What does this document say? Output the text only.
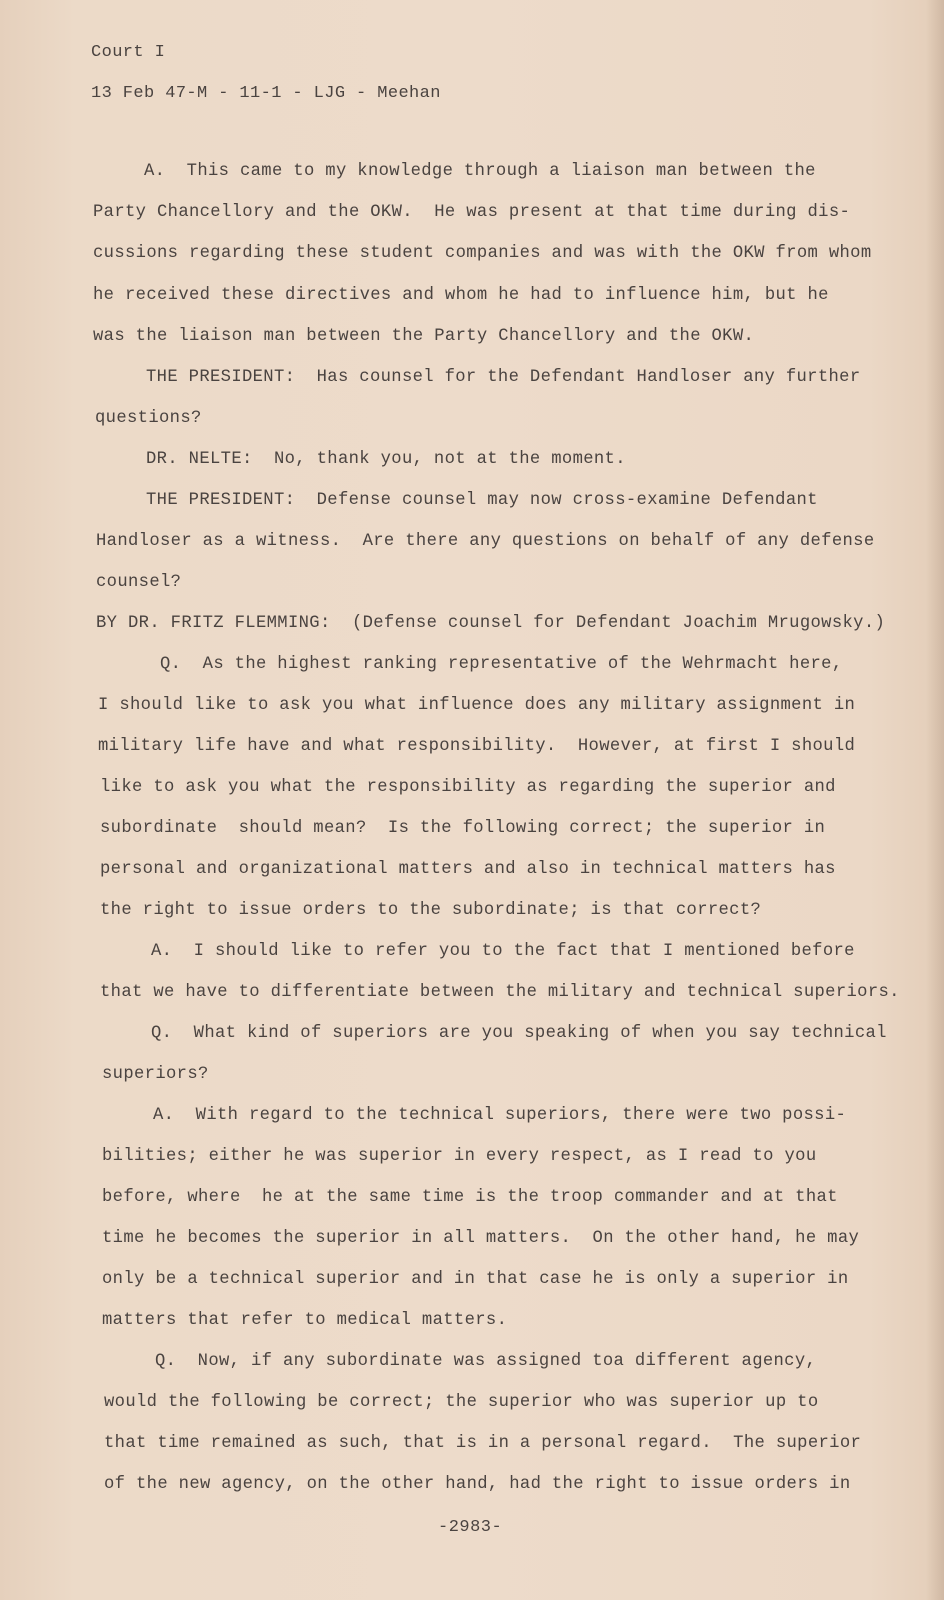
Court I
13 Feb 47-M - 11-1 - LJG - Meehan
A.  This came to my knowledge through a liaison man between the
Party Chancellory and the OKW.  He was present at that time during dis-
cussions regarding these student companies and was with the OKW from whom
he received these directives and whom he had to influence him, but he
was the liaison man between the Party Chancellory and the OKW.
THE PRESIDENT:  Has counsel for the Defendant Handloser any further
questions?
DR. NELTE:  No, thank you, not at the moment.
THE PRESIDENT:  Defense counsel may now cross-examine Defendant
Handloser as a witness.  Are there any questions on behalf of any defense
counsel?
BY DR. FRITZ FLEMMING:  (Defense counsel for Defendant Joachim Mrugowsky.)
Q.  As the highest ranking representative of the Wehrmacht here,
I should like to ask you what influence does any military assignment in
military life have and what responsibility.  However, at first I should
like to ask you what the responsibility as regarding the superior and
subordinate  should mean?  Is the following correct; the superior in
personal and organizational matters and also in technical matters has
the right to issue orders to the subordinate; is that correct?
A.  I should like to refer you to the fact that I mentioned before
that we have to differentiate between the military and technical superiors.
Q.  What kind of superiors are you speaking of when you say technical
superiors?
A.  With regard to the technical superiors, there were two possi-
bilities; either he was superior in every respect, as I read to you
before, where  he at the same time is the troop commander and at that
time he becomes the superior in all matters.  On the other hand, he may
only be a technical superior and in that case he is only a superior in
matters that refer to medical matters.
Q.  Now, if any subordinate was assigned toa different agency,
would the following be correct; the superior who was superior up to
that time remained as such, that is in a personal regard.  The superior
of the new agency, on the other hand, had the right to issue orders in
-2983-
